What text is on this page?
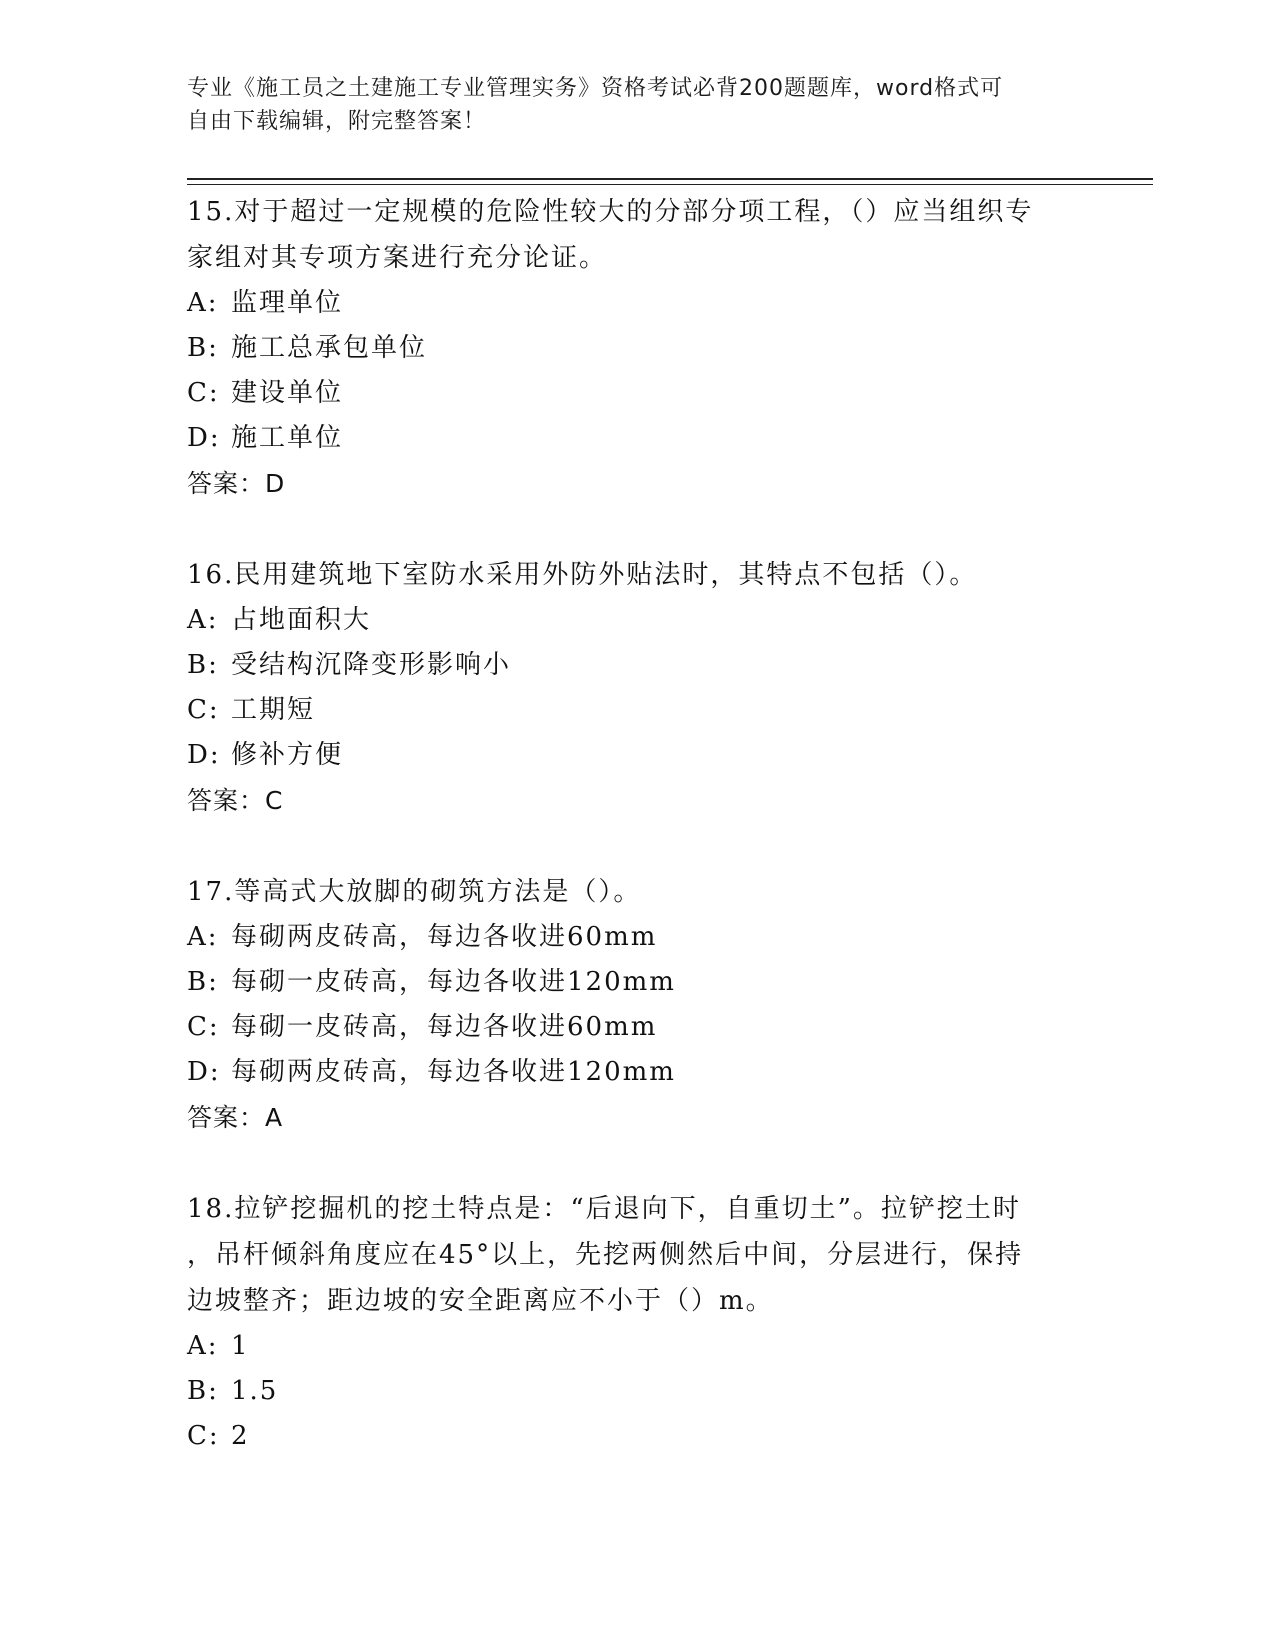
专业《施工员之土建施工专业管理实务》资格考试必背200题题库，word格式可
自由下载编辑，附完整答案！
15.对于超过一定规模的危险性较大的分部分项工程，（）应当组织专
家组对其专项方案进行充分论证。
A: 监理单位
B: 施工总承包单位
C: 建设单位
D: 施工单位
答案：D
16.民用建筑地下室防水采用外防外贴法时，其特点不包括（）。
A: 占地面积大
B: 受结构沉降变形影响小
C: 工期短
D: 修补方便
答案：C
17.等高式大放脚的砌筑方法是（）。
A: 每砌两皮砖高，每边各收进60mm
B: 每砌一皮砖高，每边各收进120mm
C: 每砌一皮砖高，每边各收进60mm
D: 每砌两皮砖高，每边各收进120mm
答案：A
18.拉铲挖掘机的挖土特点是：“后退向下，自重切土”。拉铲挖土时
，吊杆倾斜角度应在45°以上，先挖两侧然后中间，分层进行，保持
边坡整齐；距边坡的安全距离应不小于（）m。
A: 1
B: 1.5
C: 2
